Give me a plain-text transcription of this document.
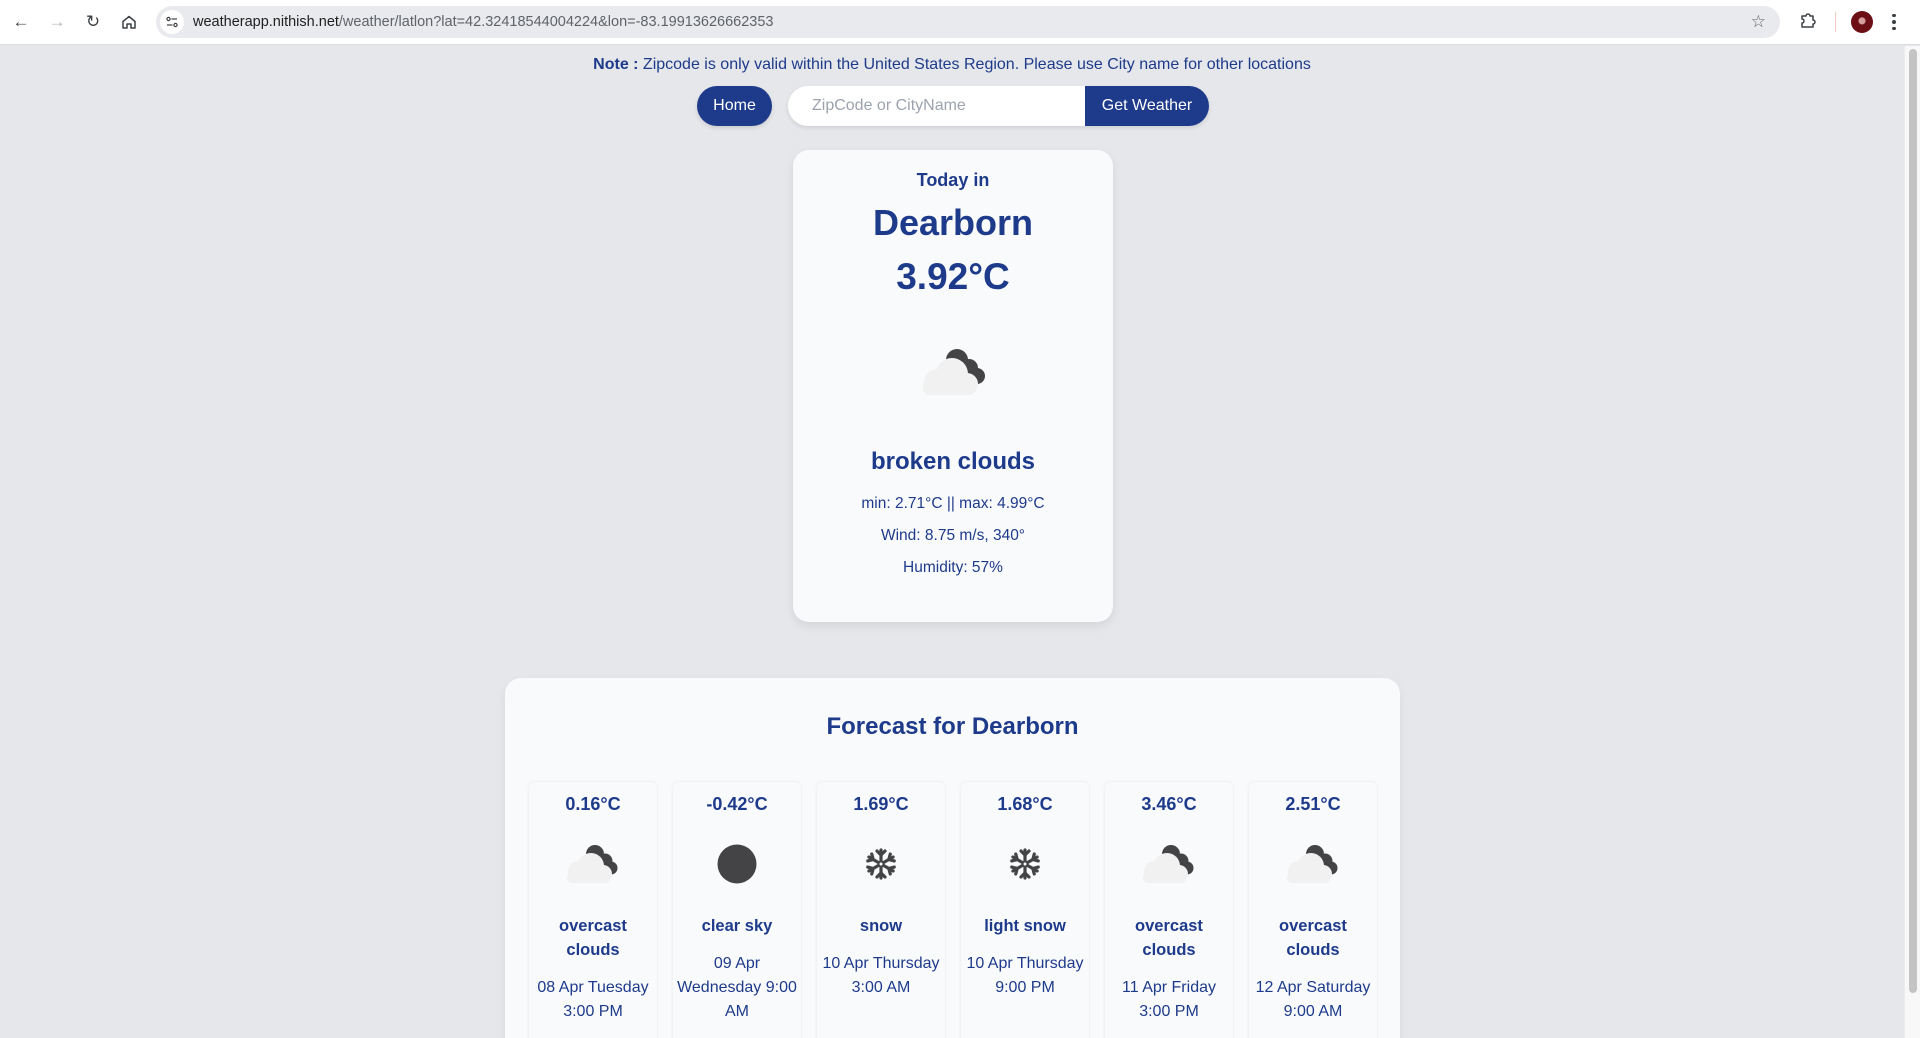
← → ↻	weatherapp.nithish.net/weather/latlon?lat=42.32418544004224&lon=-83.19913626662353	☆
Note : Zipcode is only valid within the United States Region. Please use City name for other locations
Home
ZipCode or CityName	Get Weather
Today in
Dearborn
3.92°C
broken clouds
min: 2.71°C || max: 4.99°C
Wind: 8.75 m/s, 340°
Humidity: 57%
Forecast for Dearborn
0.16°C
overcast clouds
08 Apr Tuesday 3:00 PM
-0.42°C
clear sky
09 Apr Wednesday 9:00 AM
1.69°C
snow
10 Apr Thursday 3:00 AM
1.68°C
light snow
10 Apr Thursday 9:00 PM
3.46°C
overcast clouds
11 Apr Friday 3:00 PM
2.51°C
overcast clouds
12 Apr Saturday 9:00 AM
